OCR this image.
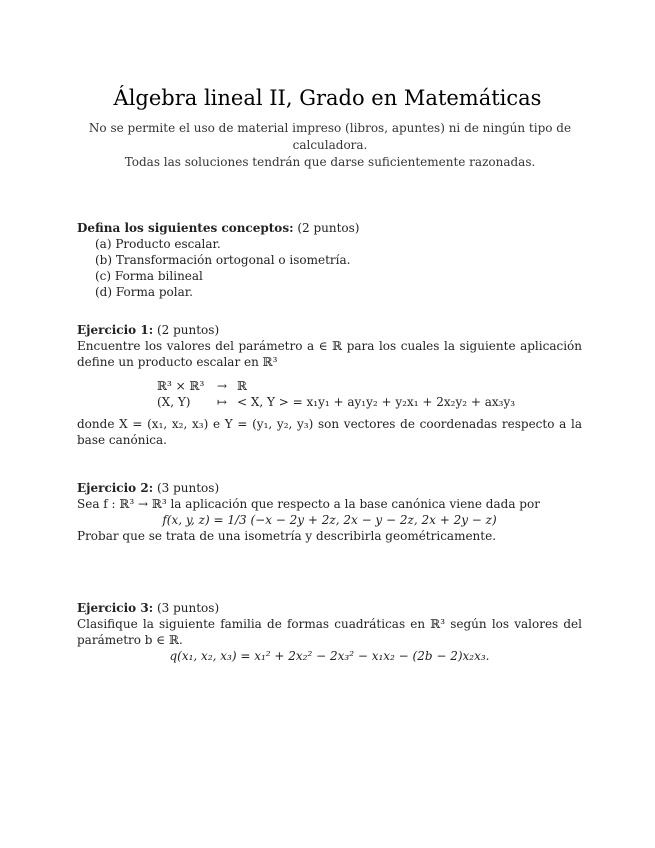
Álgebra lineal II, Grado en Matemáticas

No se permite el uso de material impreso (libros, apuntes) ni de ningún tipo de calculadora.

Todas las soluciones tendrán que darse suficientemente razonadas.

Defina los siguientes conceptos: (2 puntos)

(a) Producto escalar.
(b) Transformación ortogonal o isometría.
(c) Forma bilineal
(d) Forma polar.

Ejercicio 1: (2 puntos)

Encuentre los valores del parámetro a ∈ ℝ para los cuales la siguiente aplicación define un producto escalar en ℝ³

ℝ³ × ℝ³	→ ℝ
(X, Y)	↦ < X, Y > = x₁y₁ + ay₁y₂ + y₂x₁ + 2x₂y₂ + ax₃y₃

donde X = (x₁, x₂, x₃) e Y = (y₁, y₂, y₃) son vectores de coordenadas respecto a la base canónica.

Ejercicio 2: (3 puntos)

Sea f : ℝ³ → ℝ³ la aplicación que respecto a la base canónica viene dada por

f(x, y, z) = 1/3 (−x − 2y + 2z, 2x − y − 2z, 2x + 2y − z)

Probar que se trata de una isometría y describirla geométricamente.

Ejercicio 3: (3 puntos)

Clasifique la siguiente familia de formas cuadráticas en ℝ³ según los valores del parámetro b ∈ ℝ.

q(x₁, x₂, x₃) = x₁² + 2x₂² − 2x₃² − x₁x₂ − (2b − 2)x₂x₃.
